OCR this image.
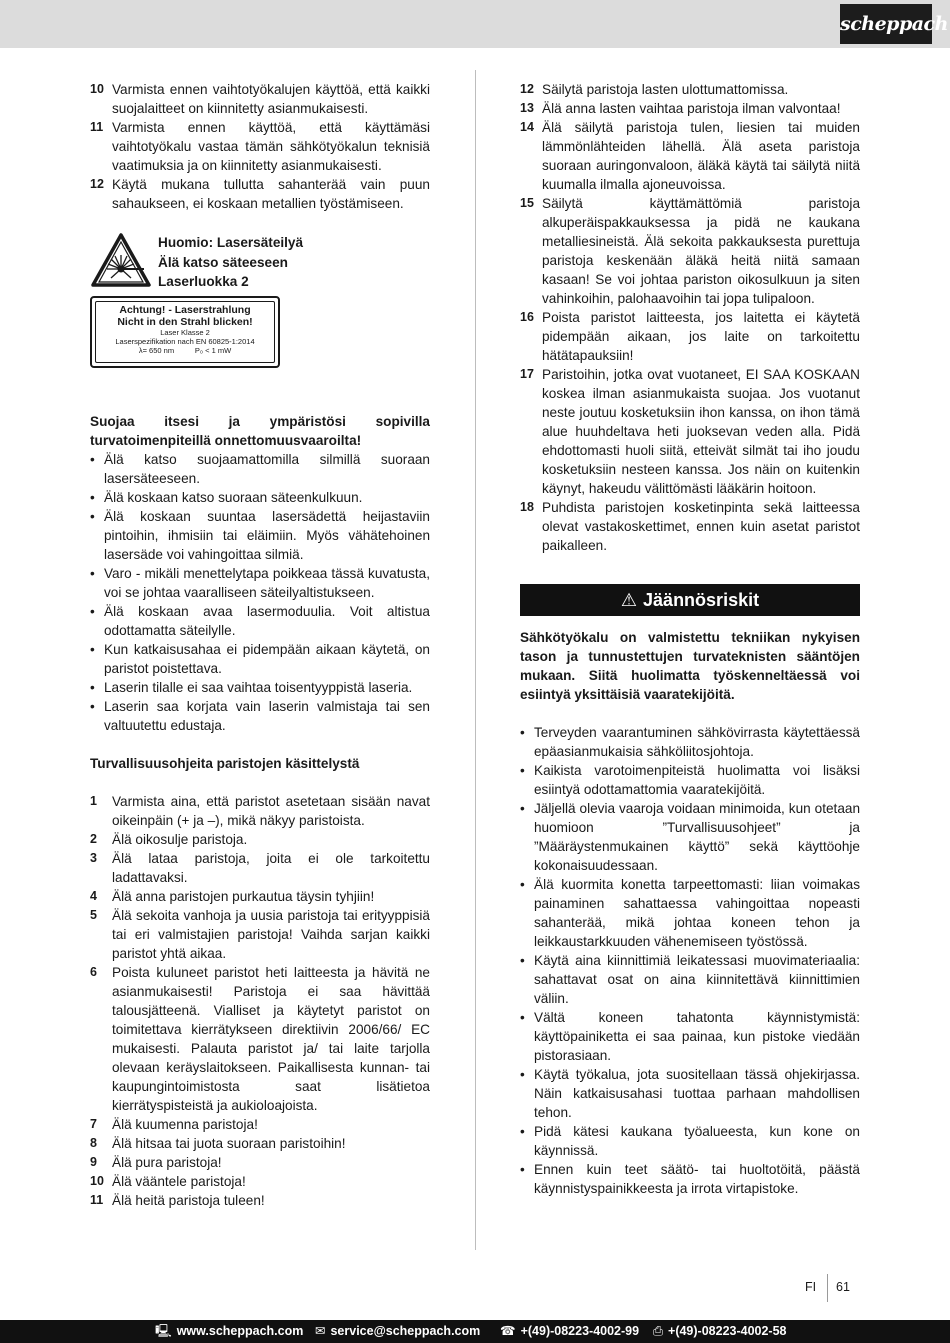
scheppach
10 Varmista ennen vaihtotyökalujen käyttöä, että kaikki suojalaitteet on kiinnitetty asianmukaisesti.
11 Varmista ennen käyttöä, että käyttämäsi vaihtotyökalu vastaa tämän sähkötyökalun teknisiä vaatimuksia ja on kiinnitetty asianmukaisesti.
12 Käytä mukana tullutta sahanterää vain puun sahaukseen, ei koskaan metallien työstämiseen.
Huomio: Lasersäteilyä
Älä katso säteeseen
Laserluokka 2
Achtung! - Laserstrahlung
Nicht in den Strahl blicken!
Laser Klasse 2
Laserspezifikation nach EN 60825-1:2014
λ= 650 nm          P₀ < 1 mW
Suojaa itsesi ja ympäristösi sopivilla turvatoimenpiteillä onnettomuusvaaroilta!
• Älä katso suojaamattomilla silmillä suoraan lasersäteeseen.
• Älä koskaan katso suoraan säteenkulkuun.
• Älä koskaan suuntaa lasersädettä heijastaviin pintoihin, ihmisiin tai eläimiin. Myös vähätehoinen lasersäde voi vahingoittaa silmiä.
• Varo - mikäli menettelytapa poikkeaa tässä kuvatusta, voi se johtaa vaaralliseen säteilyaltistukseen.
• Älä koskaan avaa lasermoduulia. Voit altistua odottamatta säteilylle.
• Kun katkaisusahaa ei pidempään aikaan käytetä, on paristot poistettava.
• Laserin tilalle ei saa vaihtaa toisentyyppistä laseria.
• Laserin saa korjata vain laserin valmistaja tai sen valtuutettu edustaja.
Turvallisuusohjeita paristojen käsittelystä
1	Varmista aina, että paristot asetetaan sisään navat oikeinpäin (+ ja –), mikä näkyy paristoista.
2	Älä oikosulje paristoja.
3	Älä lataa paristoja, joita ei ole tarkoitettu ladattavaksi.
4	Älä anna paristojen purkautua täysin tyhjiin!
5	Älä sekoita vanhoja ja uusia paristoja tai erityyppisiä tai eri valmistajien paristoja! Vaihda sarjan kaikki paristot yhtä aikaa.
6	Poista kuluneet paristot heti laitteesta ja hävitä ne asianmukaisesti! Paristoja ei saa hävittää talousjätteenä. Vialliset ja käytetyt paristot on toimitettava kierrätykseen direktiivin 2006/66/ EC mukaisesti. Palauta paristot ja/ tai laite tarjolla olevaan keräyslaitokseen. Paikallisesta kunnan- tai kaupungintoimistosta saat lisätietoa kierrätyspisteistä ja aukioloajoista.
7	Älä kuumenna paristoja!
8	Älä hitsaa tai juota suoraan paristoihin!
9	Älä pura paristoja!
10 Älä vääntele paristoja!
11 Älä heitä paristoja tuleen!
12 Säilytä paristoja lasten ulottumattomissa.
13 Älä anna lasten vaihtaa paristoja ilman valvontaa!
14 Älä säilytä paristoja tulen, liesien tai muiden lämmönlähteiden lähellä. Älä aseta paristoja suoraan auringonvaloon, äläkä käytä tai säilytä niitä kuumalla ilmalla ajoneuvoissa.
15 Säilytä käyttämättömiä paristoja alkuperäispakkauksessa ja pidä ne kaukana metalliesineistä. Älä sekoita pakkauksesta purettuja paristoja keskenään äläkä heitä niitä samaan kasaan! Se voi johtaa pariston oikosulkuun ja siten vahinkoihin, palohaavoihin tai jopa tulipaloon.
16 Poista paristot laitteesta, jos laitetta ei käytetä pidempään aikaan, jos laite on tarkoitettu hätätapauksiin!
17 Paristoihin, jotka ovat vuotaneet, EI SAA KOSKAAN koskea ilman asianmukaista suojaa. Jos vuotanut neste joutuu kosketuksiin ihon kanssa, on ihon tämä alue huuhdeltava heti juoksevan veden alla. Pidä ehdottomasti huoli siitä, etteivät silmät tai iho joudu kosketuksiin nesteen kanssa. Jos näin on kuitenkin käynyt, hakeudu välittömästi lääkärin hoitoon.
18 Puhdista paristojen kosketinpinta sekä laitteessa olevat vastakoskettimet, ennen kuin asetat paristot paikalleen.
⚠ Jäännösriskit
Sähkötyökalu on valmistettu tekniikan nykyisen tason ja tunnustettujen turvateknisten sääntöjen mukaan. Siitä huolimatta työskenneltäessä voi esiintyä yksittäisiä vaaratekijöitä.
• Terveyden vaarantuminen sähkövirrasta käytettäessä epäasianmukaisia sähköliitosjohtoja.
• Kaikista varotoimenpiteistä huolimatta voi lisäksi esiintyä odottamattomia vaaratekijöitä.
• Jäljellä olevia vaaroja voidaan minimoida, kun otetaan huomioon ”Turvallisuusohjeet” ja ”Määräystenmukainen käyttö” sekä käyttöohje kokonaisuudessaan.
• Älä kuormita konetta tarpeettomasti: liian voimakas painaminen sahattaessa vahingoittaa nopeasti sahanterää, mikä johtaa koneen tehon ja leikkaustarkkuuden vähenemiseen työstössä.
• Käytä aina kiinnittimiä leikatessasi muovimateriaalia: sahattavat osat on aina kiinnitettävä kiinnittimien väliin.
• Vältä koneen tahatonta käynnistymistä: käyttöpainiketta ei saa painaa, kun pistoke viedään pistorasiaan.
• Käytä työkalua, jota suositellaan tässä ohjekirjassa. Näin katkaisusahasi tuottaa parhaan mahdollisen tehon.
• Pidä kätesi kaukana työalueesta, kun kone on käynnissä.
• Ennen kuin teet säätö- tai huoltotöitä, päästä käynnistyspainikkeesta ja irrota virtapistoke.
FI 61
🖳 www.scheppach.com ✉ service@scheppach.com ☎ +(49)-08223-4002-99 ⎙ +(49)-08223-4002-58
